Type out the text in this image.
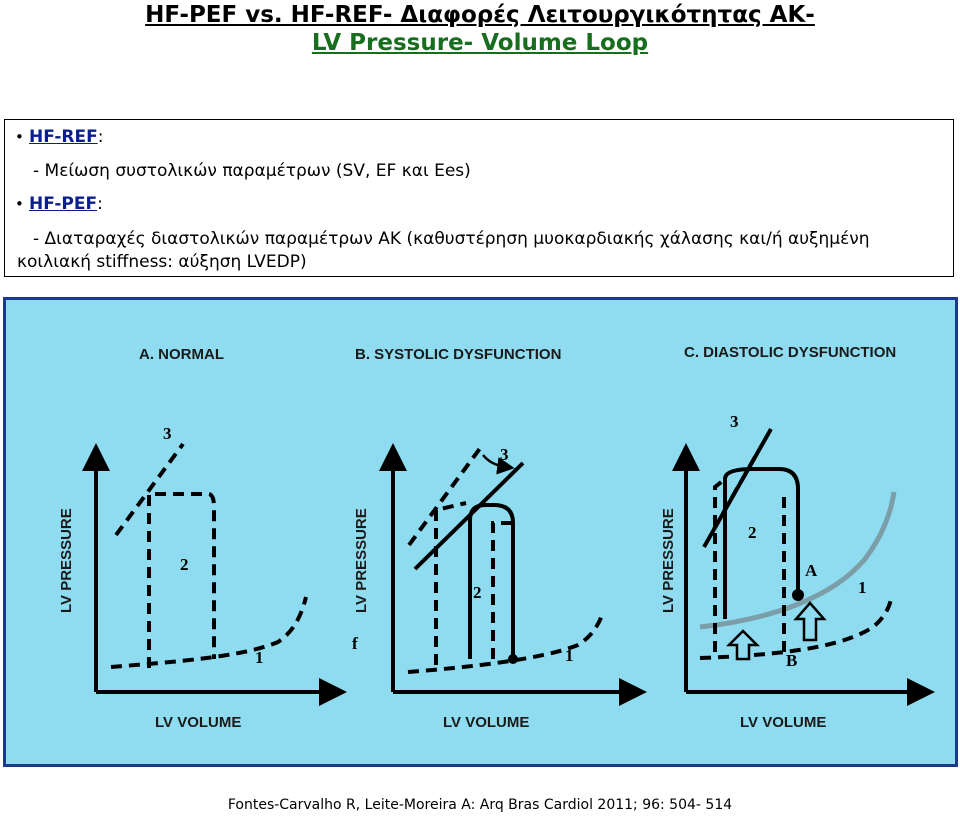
HF-PEF vs. HF-REF- Διαφορές Λειτουργικότητας ΑΚ-
LV Pressure- Volume Loop
• HF-REF:
- Μείωση συστολικών παραμέτρων (SV, EF και Ees)
• HF-PEF:
- Διαταραχές διαστολικών παραμέτρων ΑΚ (καθυστέρηση μυοκαρδιακής χάλασης και/ή αυξημένη
κοιλιακή stiffness: αύξηση LVEDP)
A. NORMAL	B. SYSTOLIC DYSFUNCTION	C. DIASTOLIC DYSFUNCTION
LV VOLUME	LV VOLUME	LV VOLUME
LV PRESSURE	LV PRESSURE	LV PRESSURE
3
2
1
3
2
1
f
3
2
1
A
B
Fontes-Carvalho R, Leite-Moreira A: Arq Bras Cardiol 2011; 96: 504- 514
